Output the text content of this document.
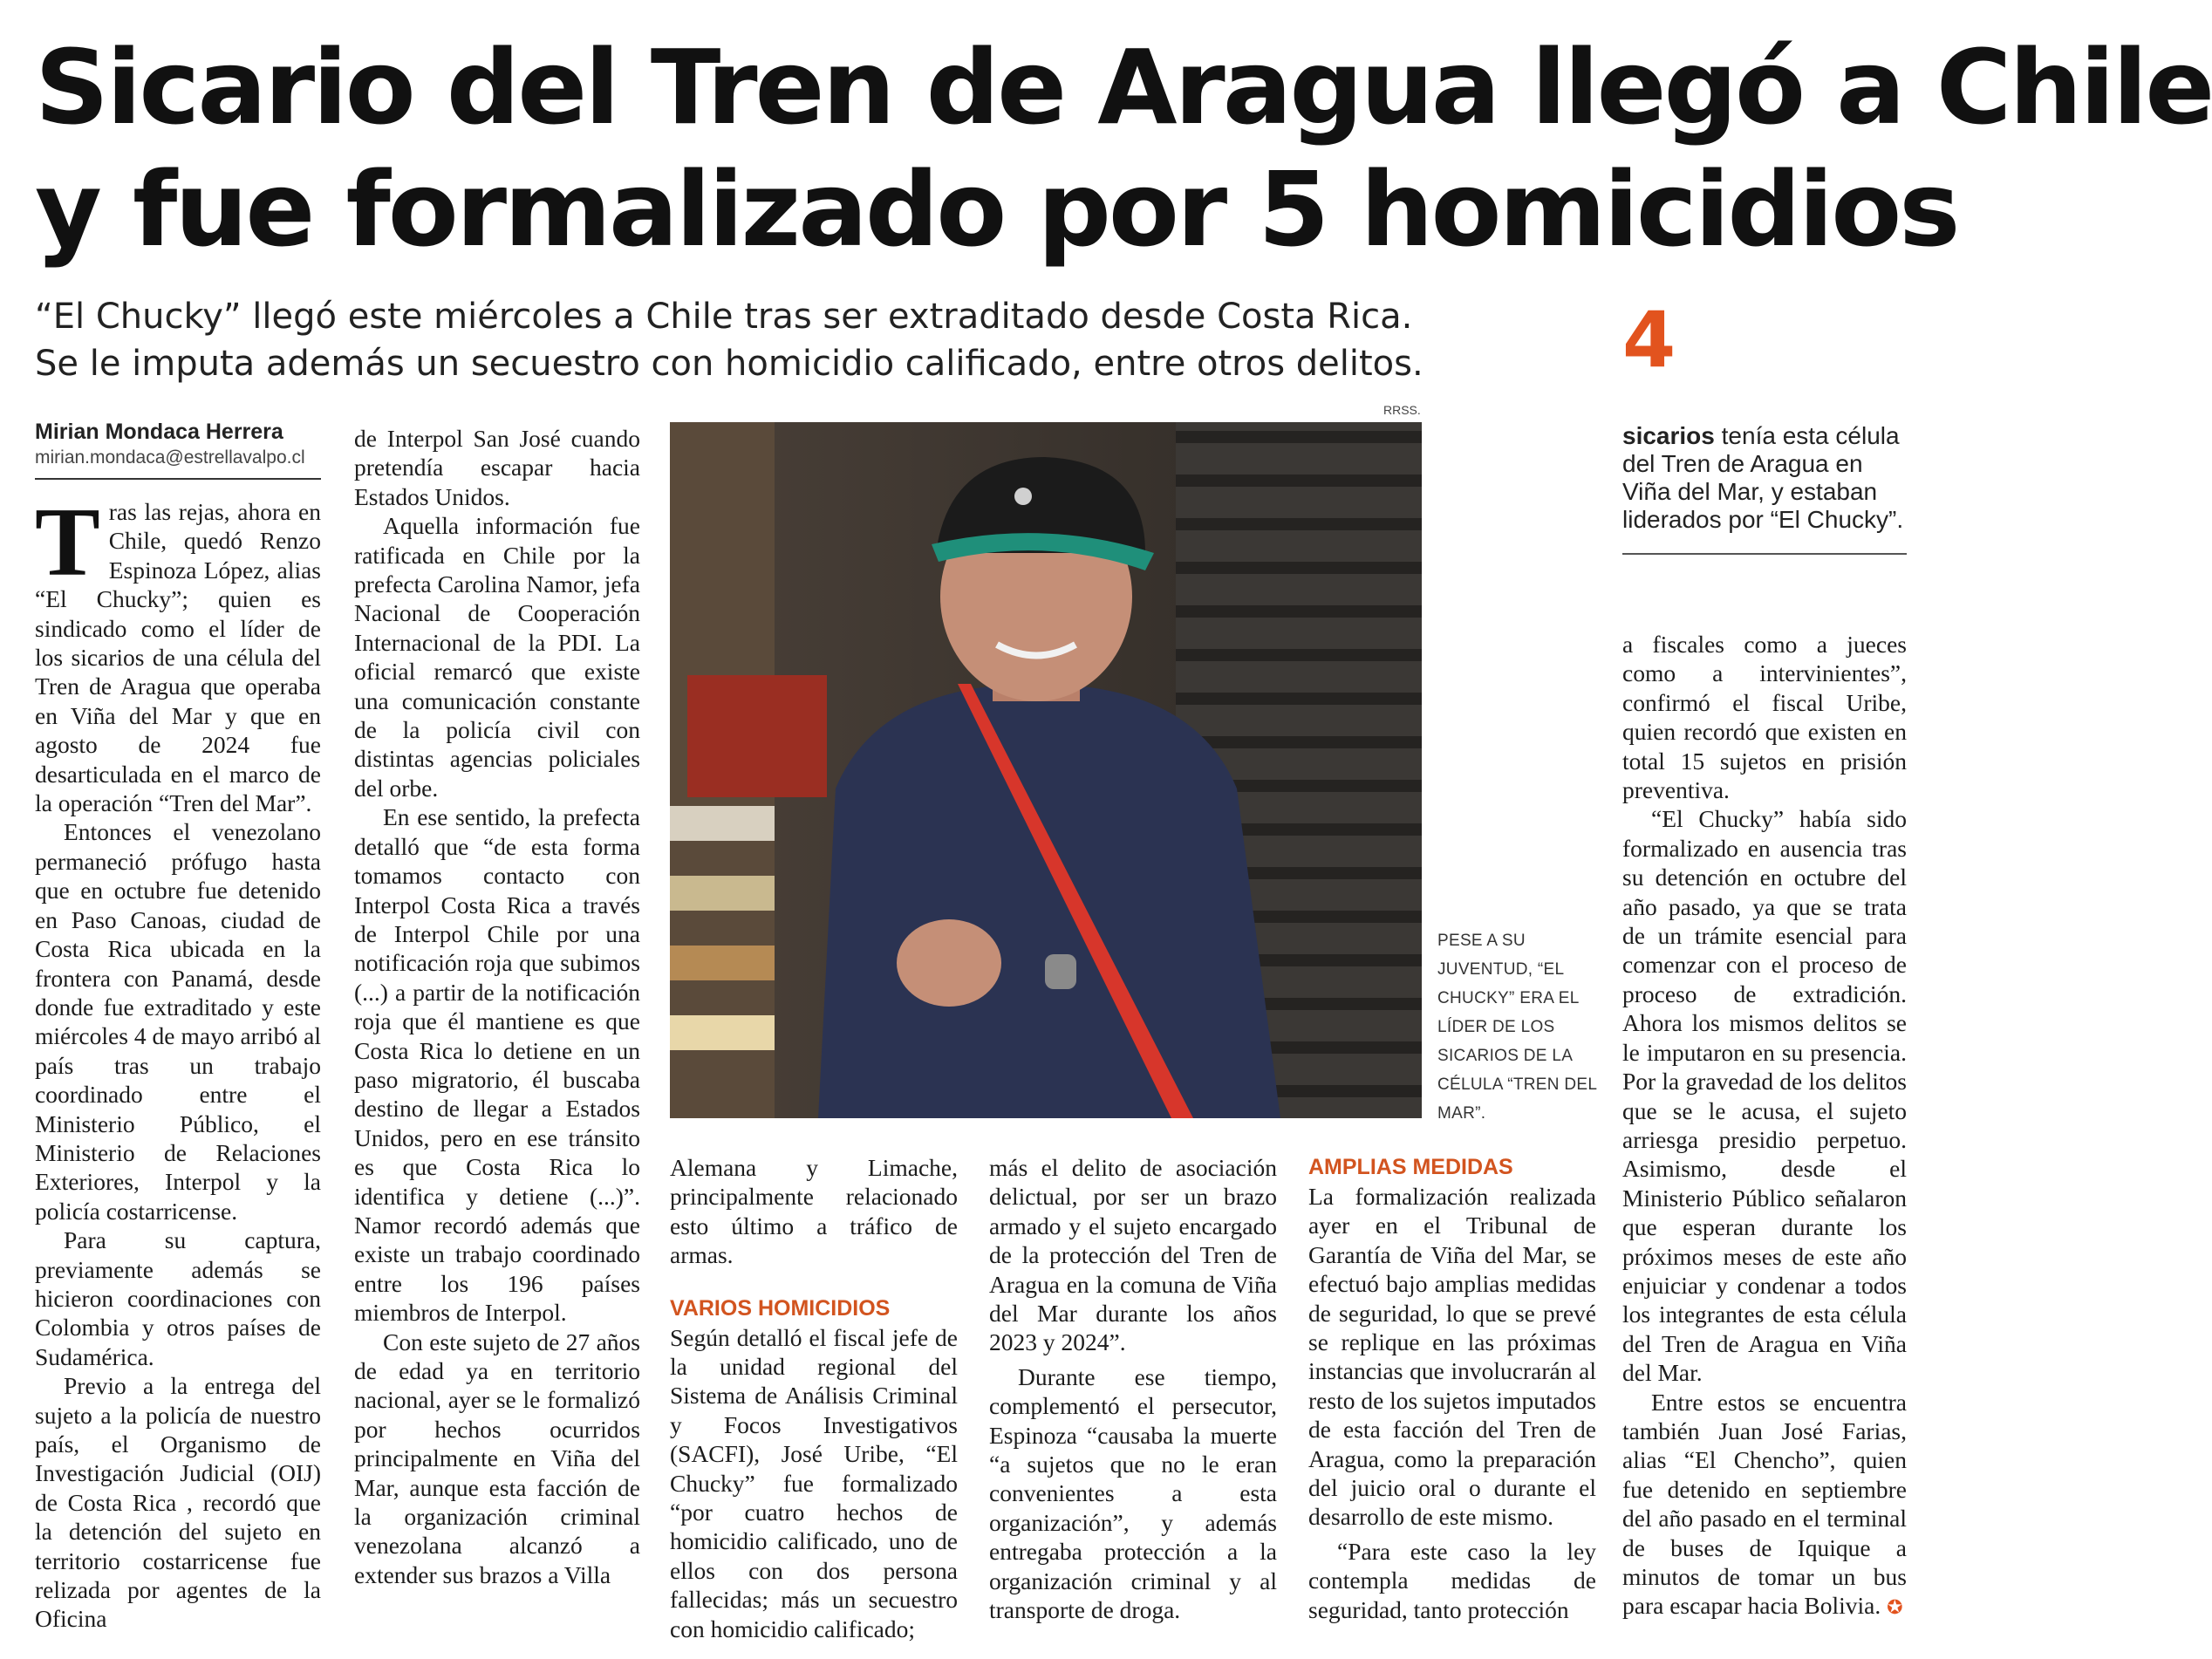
Sicario del Tren de Aragua llegó a Chile
y fue formalizado por 5 homicidios
“El Chucky” llegó este miércoles a Chile tras ser extraditado desde Costa Rica.
Se le imputa además un secuestro con homicidio calificado, entre otros delitos.	4
Mirian Mondaca Herrera
mirian.mondaca@estrellavalpo.cl

Tras las rejas, ahora en Chile, quedó Renzo Espinoza López, alias “El Chucky”; quien es sindicado como el líder de los sicarios de una célula del Tren de Aragua que operaba en Viña del Mar y que en agosto de 2024 fue desarticulada en el marco de la operación “Tren del Mar”.

Entonces el venezolano permaneció prófugo hasta que en octubre fue detenido en Paso Canoas, ciudad de Costa Rica ubicada en la frontera con Panamá, desde donde fue extraditado y este miércoles 4 de mayo arribó al país tras un trabajo coordinado entre el Ministerio Público, el Ministerio de Relaciones Exteriores, Interpol y la policía costarricense.

Para su captura, previamente además se hicieron coordinaciones con Colombia y otros países de Sudamérica.

Previo a la entrega del sujeto a la policía de nuestro país, el Organismo de Investigación Judicial (OIJ) de Costa Rica , recordó que la detención del sujeto en territorio costarricense fue relizada por agentes de la Oficina

de Interpol San José cuando pretendía escapar hacia Estados Unidos.

Aquella información fue ratificada en Chile por la prefecta Carolina Namor, jefa Nacional de Cooperación Internacional de la PDI. La oficial remarcó que existe una comunicación constante de la policía civil con distintas agencias policiales del orbe.

En ese sentido, la prefecta detalló que “de esta forma tomamos contacto con Interpol Costa Rica a través de Interpol Chile por una notificación roja que subimos (...) a partir de la notificación roja que él mantiene es que Costa Rica lo detiene en un paso migratorio, él buscaba destino de llegar a Estados Unidos, pero en ese tránsito es que Costa Rica lo identifica y detiene (...)”. Namor recordó además que existe un trabajo coordinado entre los 196 países miembros de Interpol.

Con este sujeto de 27 años de edad ya en territorio nacional, ayer se le formalizó por hechos ocurridos principalmente en Viña del Mar, aunque esta facción de la organización criminal venezolana alcanzó a extender sus brazos a Villa

RRSS.
PESE A SU JUVENTUD, “EL CHUCKY” ERA EL LÍDER DE LOS SICARIOS DE LA CÉLULA “TREN DEL MAR”.
sicarios tenía esta célula del Tren de Aragua en Viña del Mar, y estaban liderados por “El Chucky”.

Alemana y Limache, principalmente relacionado esto último a tráfico de armas.

VARIOS HOMICIDIOS

Según detalló el fiscal jefe de la unidad regional del Sistema de Análisis Criminal y Focos Investigativos (SACFI), José Uribe, “El Chucky” fue formalizado “por cuatro hechos de homicidio calificado, uno de ellos con dos persona fallecidas; más un secuestro con homicidio calificado;

más el delito de asociación delictual, por ser un brazo armado y el sujeto encargado de la protección del Tren de Aragua en la comuna de Viña del Mar durante los años 2023 y 2024”.

Durante ese tiempo, complementó el persecutor, Espinoza “causaba la muerte “a sujetos que no le eran convenientes a esta organización”, y además entregaba protección a la organización criminal y al transporte de droga.

AMPLIAS MEDIDAS

La formalización realizada ayer en el Tribunal de Garantía de Viña del Mar, se efectuó bajo amplias medidas de seguridad, lo que se prevé se replique en las próximas instancias que involucrarán al resto de los sujetos imputados de esta facción del Tren de Aragua, como la preparación del juicio oral o durante el desarrollo de este mismo.

“Para este caso la ley contempla medidas de seguridad, tanto protección

a fiscales como a jueces como a intervinientes”, confirmó el fiscal Uribe, quien recordó que existen en total 15 sujetos en prisión preventiva.

“El Chucky” había sido formalizado en ausencia tras su detención en octubre del año pasado, ya que se trata de un trámite esencial para comenzar con el proceso de proceso de extradición. Ahora los mismos delitos se le imputaron en su presencia. Por la gravedad de los delitos que se le acusa, el sujeto arriesga presidio perpetuo. Asimismo, desde el Ministerio Público señalaron que esperan durante los próximos meses de este año enjuiciar y condenar a todos los integrantes de esta célula del Tren de Aragua en Viña del Mar.

Entre estos se encuentra también Juan José Farias, alias “El Chencho”, quien fue detenido en septiembre del año pasado en el terminal de buses de Iquique a minutos de tomar un bus para escapar hacia Bolivia. ✪
